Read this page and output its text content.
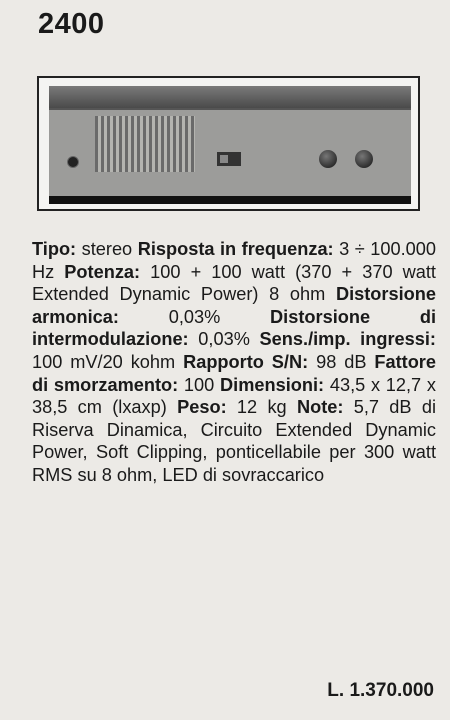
2400

Tipo: stereo Risposta in frequenza: 3 ÷ 100.000 Hz Potenza: 100 + 100 watt (370 + 370 watt Extended Dynamic Power) 8 ohm Distorsione armonica:	0,03%	Distorsione di intermodulazione: 0,03% Sens./imp. ingressi: 100 mV/20 kohm Rapporto S/N: 98 dB Fattore di smorzamento: 100 Dimensioni: 43,5 x 12,7 x 38,5 cm (lxaxp) Peso: 12 kg Note: 5,7 dB di Riserva Dinamica, Circuito Extended Dynamic Power, Soft Clipping, ponticellabile per 300 watt RMS su 8 ohm, LED di sovraccarico

L. 1.370.000
